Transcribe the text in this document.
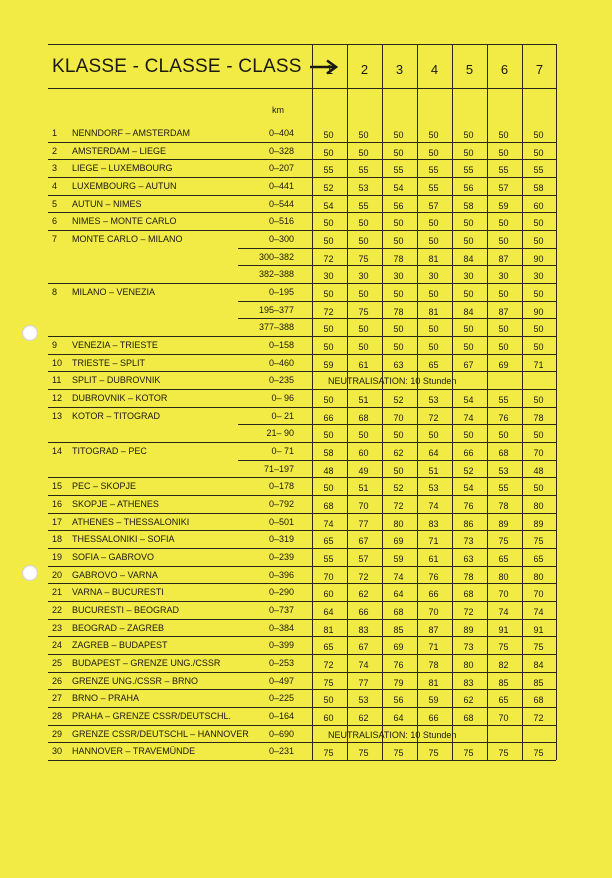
KLASSE - CLASSE - CLASS
km
1	2	3	4	5	6	7
1	NENNDORF – AMSTERDAM	0–404	50	50	50	50	50	50	50
2	AMSTERDAM – LIEGE	0–328	50	50	50	50	50	50	50
3	LIEGE – LUXEMBOURG	0–207	55	55	55	55	55	55	55
4	LUXEMBOURG – AUTUN	0–441	52	53	54	55	56	57	58
5	AUTUN – NIMES	0–544	54	55	56	57	58	59	60
6	NIMES – MONTE CARLO	0–516	50	50	50	50	50	50	50
7	MONTE CARLO – MILANO	0–300	50	50	50	50	50	50	50
300–382	72	75	78	81	84	87	90
382–388	30	30	30	30	30	30	30
8	MILANO – VENEZIA	0–195	50	50	50	50	50	50	50
195–377	72	75	78	81	84	87	90
377–388	50	50	50	50	50	50	50
9	VENEZIA – TRIESTE	0–158	50	50	50	50	50	50	50
10	TRIESTE – SPLIT	0–460	59	61	63	65	67	69	71
11	SPLIT – DUBROVNIK	0–235	NEUTRALISATION: 10 Stunden
12	DUBROVNIK – KOTOR	0– 96	50	51	52	53	54	55	50
13	KOTOR – TITOGRAD	0– 21	66	68	70	72	74	76	78
21– 90	50	50	50	50	50	50	50
14	TITOGRAD – PEC	0– 71	58	60	62	64	66	68	70
71–197	48	49	50	51	52	53	48
15	PEC – SKOPJE	0–178	50	51	52	53	54	55	50
16	SKOPJE – ATHENES	0–792	68	70	72	74	76	78	80
17	ATHENES – THESSALONIKI	0–501	74	77	80	83	86	89	89
18	THESSALONIKI – SOFIA	0–319	65	67	69	71	73	75	75
19	SOFIA – GABROVO	0–239	55	57	59	61	63	65	65
20	GABROVO – VARNA	0–396	70	72	74	76	78	80	80
21	VARNA – BUCURESTI	0–290	60	62	64	66	68	70	70
22	BUCURESTI – BEOGRAD	0–737	64	66	68	70	72	74	74
23	BEOGRAD – ZAGREB	0–384	81	83	85	87	89	91	91
24	ZAGREB – BUDAPEST	0–399	65	67	69	71	73	75	75
25	BUDAPEST – GRENZE UNG./CSSR	0–253	72	74	76	78	80	82	84
26	GRENZE UNG./CSSR – BRNO	0–497	75	77	79	81	83	85	85
27	BRNO – PRAHA	0–225	50	53	56	59	62	65	68
28	PRAHA – GRENZE CSSR/DEUTSCHL.	0–164	60	62	64	66	68	70	72
29	GRENZE CSSR/DEUTSCHL – HANNOVER	0–690	NEUTRALISATION: 10 Stunden
30	HANNOVER – TRAVEMÜNDE	0–231	75	75	75	75	75	75	75
